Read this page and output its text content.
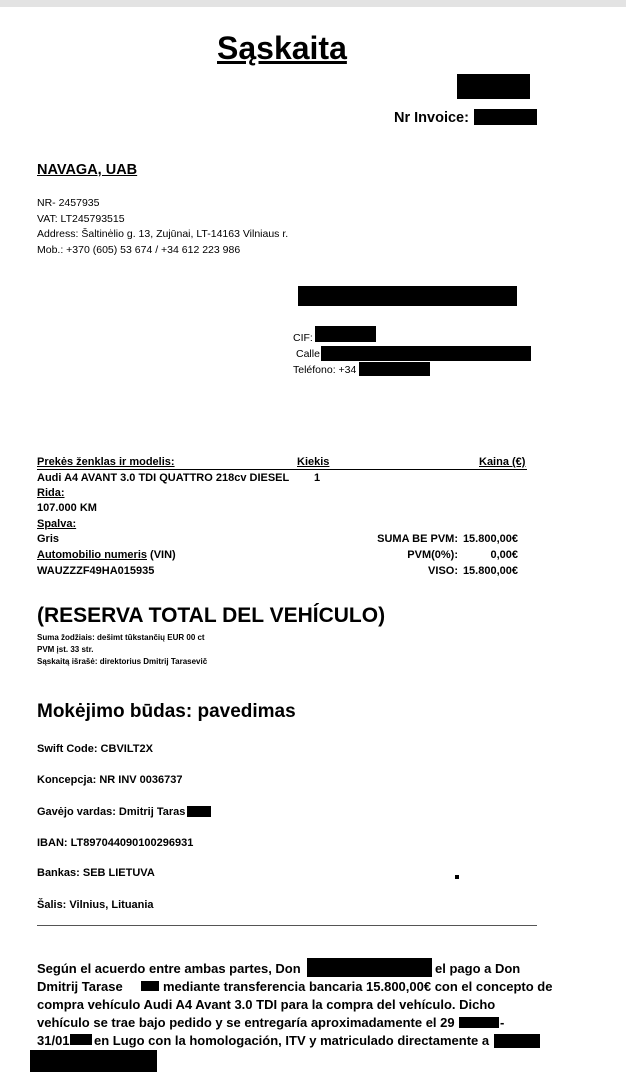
Sąskaita
Nr Invoice:
NAVAGA, UAB
NR- 2457935
VAT: LT245793515
Address: Šaltinėlio g. 13, Zujūnai, LT-14163 Vilniaus r.
Mob.: +370 (605) 53 674 / +34 612 223 986
CIF:
Calle
Teléfono: +34
Prekės ženklas ir modelis:	Kiekis	Kaina (€)
Audi A4 AVANT 3.0 TDI QUATTRO 218cv DIESEL 1
Rida:
107.000 KM
Spalva:
Gris
Automobilio numeris (VIN)
WAUZZZF49HA015935
SUMA BE PVM: 15.800,00€
PVM(0%):	0,00€
VISO: 15.800,00€
(RESERVA TOTAL DEL VEHÍCULO)
Suma žodžiais: dešimt tūkstančių EUR 00 ct
PVM įst. 33 str.
Sąskaitą išrašė: direktorius Dmitrij Tarasevič
Mokėjimo būdas: pavedimas
Swift Code: CBVILT2X
Koncepcja: NR INV 0036737
Gavėjo vardas: Dmitrij Taras
IBAN: LT897044090100296931
Bankas: SEB LIETUVA
Šalis: Vilnius, Lituania
Según el acuerdo entre ambas partes, Don	el pago a Don
Dmitrij Tarase	mediante transferencia bancaria 15.800,00€ con el concepto de
compra vehículo Audi A4 Avant 3.0 TDI para la compra del vehículo. Dicho
vehículo se trae bajo pedido y se entregaría aproximadamente el 29	-
31/01 en Lugo con la homologación, ITV y matriculado directamente a
